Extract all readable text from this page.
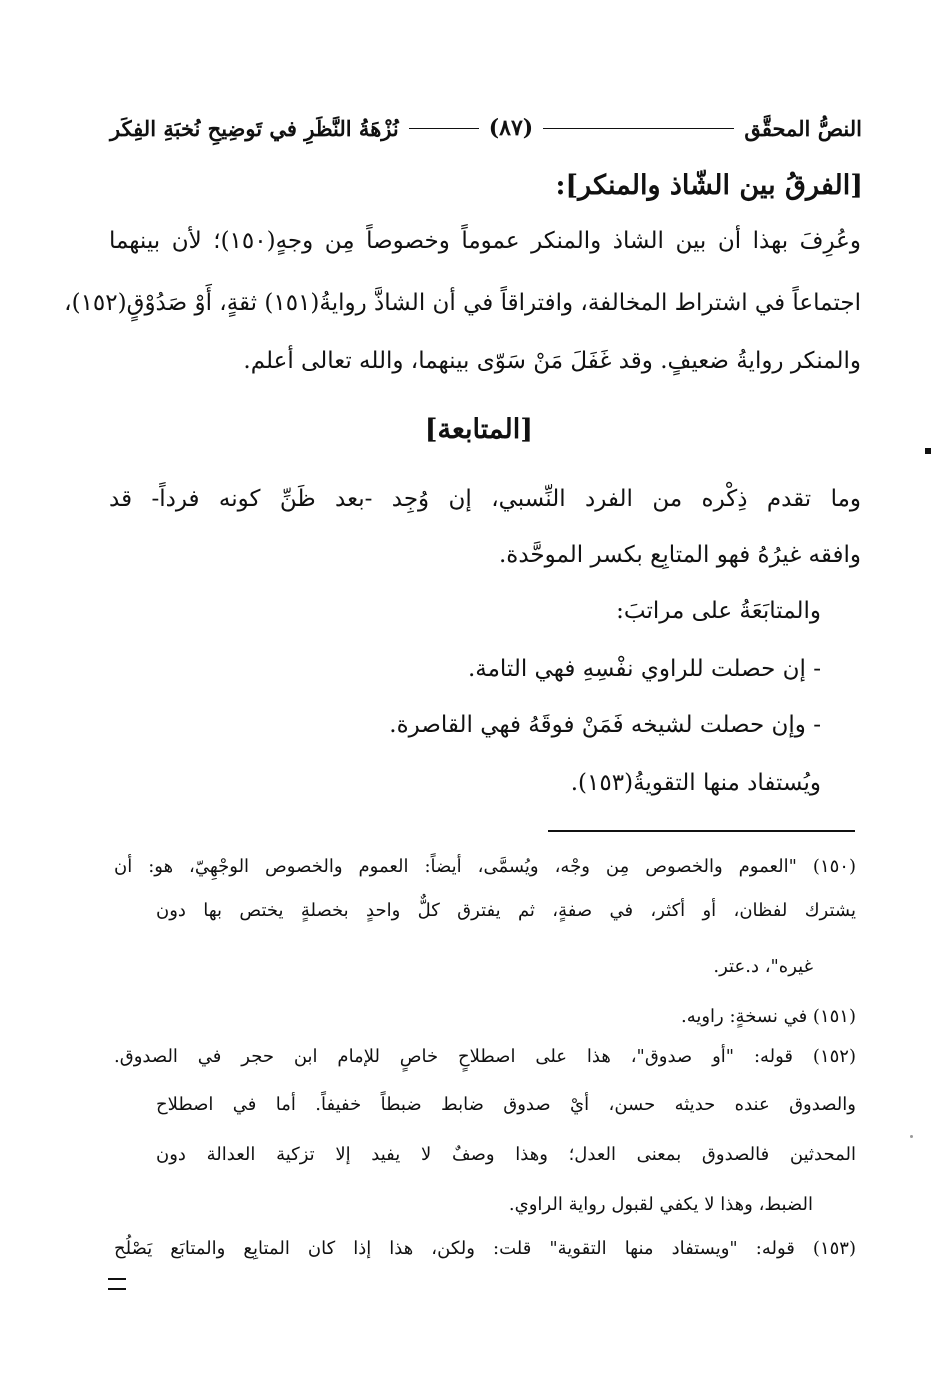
النصُّ المحقَّق
(٨٧)
نُزْهَةُ النَّظَرِ في تَوضِيحِ نُخبَةِ الفِكَر
[الفرقُ بين الشّاذ والمنكر]:
وعُرِفَ بهذا أن بين الشاذ والمنكر عموماً وخصوصاً مِن وجهٍ(١٥٠)؛ لأن بينهما
اجتماعاً في اشتراط المخالفة، وافتراقاً في أن الشاذَّ روايةُ(١٥١) ثقةٍ، أَوْ صَدُوْقٍ(١٥٢)،
والمنكر روايةُ ضعيفٍ. وقد غَفَلَ مَنْ سَوّى بينهما، والله تعالى أعلم.
[المتابعة]
وما تقدم ذِكْره من الفرد النِّسبي، إن وُجِد -بعد ظَنِّ كونه فرداً- قد
وافقه غيرُهُ فهو المتابِع بكسر الموحَّدة.
والمتابَعَةُ على مراتبَ:
- إن حصلت للراوي نفْسِهِ فهي التامة.
- وإن حصلت لشيخه فَمَنْ فوقَهُ فهي القاصرة.
ويُستفاد منها التقويةُ(١٥٣).
(١٥٠) "العموم والخصوص مِن وجْه، ويُسمَّى، أيضاً: العموم والخصوص الوجْهِيّ، هو: أن
يشترك لفظان، أو أكثر، في صفةٍ، ثم يفترق كلٌّ واحدٍ بخصلةٍ يختص بها دون
غيره"، د.عتر.
(١٥١) في نسخةٍ: راويه.
(١٥٢) قوله: "أو صدوق"، هذا على اصطلاحٍ خاصٍ للإمام ابن حجر في الصدوق.
والصدوق عنده حديثه حسن، أيْ صدوق ضابط ضبطاً خفيفاً. أما في اصطلاح
المحدثين فالصدوق بمعنى العدل؛ وهذا وصفٌ لا يفيد إلا تزكية العدالة دون
الضبط، وهذا لا يكفي لقبول رواية الراوي.
(١٥٣) قوله: "ويستفاد منها التقوية" قلت: ولكن، هذا إذا كان المتابِع والمتابَع يَصْلُح
